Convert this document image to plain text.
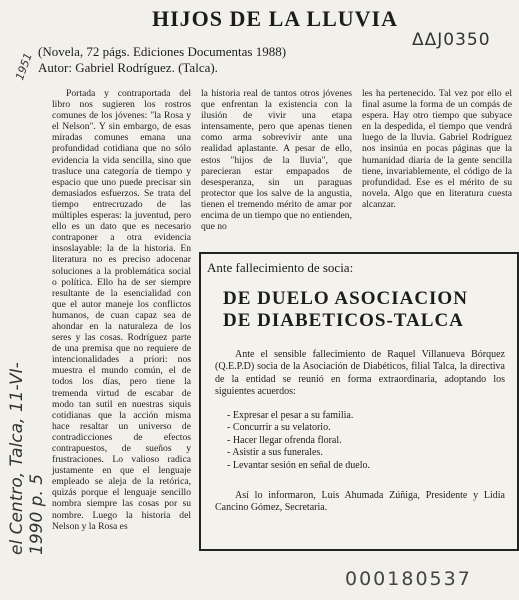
1951
el Centro, Talca, 11-VI-1990 p. 5
ΔΔJ0350
HIJOS DE LA LLUVIA
(Novela, 72 págs. Ediciones Documentas 1988)
Autor: Gabriel Rodríguez. (Talca).

Portada y contraportada del libro nos sugieren los rostros comunes de los jóvenes: "la Rosa y el Nelson". Y sin embargo, de esas miradas comunes emana una profundidad cotidiana que no sólo evidencia la vida sencilla, sino que trasluce una categoría de tiempo y espacio que uno puede precisar sin demasiados esfuerzos. Se trata del tiempo entrecruzado de las múltiples esperas: la juventud, pero ello es un dato que es necesario contraponer a otra evidencia insoslayable: la de la historia. En literatura no es preciso adocenar soluciones a la problemática social o política. Ello ha de ser siempre resultante de la esencialidad con que el autor maneje los conflictos humanos, de cuan capaz sea de ahondar en la naturaleza de los seres y las cosas. Rodríguez parte de una premisa que no requiere de intencionalidades a priori: nos muestra el mundo común, el de todos los días, pero tiene la tremenda virtud de escabar de modo tan sutil en nuestras siquis cotidianas que la acción misma hace resaltar un universo de contradicciones de efectos contrapuestos, de sueños y frustraciones. Lo valioso radica justamente en que el lenguaje empleado se aleja de la retórica, quizás porque el lenguaje sencillo nombra siempre las cosas por su nombre. Luego la historia del Nelson y la Rosa es

la historia real de tantos otros jóvenes que enfrentan la existencia con la ilusión de vivir una etapa intensamente, pero que apenas tienen como arma sobrevivir ante una realidad aplastante. A pesar de ello, estos "hijos de la lluvia", que parecieran estar empapados de desesperanza, sin un paraguas protector que los salve de la angustia, tienen el tremendo mérito de amar por encima de un tiempo que no entienden, que no

les ha pertenecido. Tal vez por ello el final asume la forma de un compás de espera. Hay otro tiempo que subyace en la despedida, el tiempo que vendrá luego de la lluvia. Gabriel Rodríguez nos insinúa en pocas páginas que la humanidad diaria de la gente sencilla tiene, invariablemente, el código de la profundidad. Ese es el mérito de su novela. Algo que en literatura cuesta alcanzar.

Ante fallecimiento de socia:
DE DUELO ASOCIACION
DE DIABETICOS-TALCA

Ante el sensible fallecimiento de Raquel Villanueva Bórquez (Q.E.P.D) socia de la Asociación de Diabéticos, filial Talca, la directiva de la entidad se reunió en forma extraordinaria, adoptando los siguientes acuerdos:

- Expresar el pesar a su familia.
- Concurrir a su velatorio.
- Hacer llegar ofrenda floral.
- Asistir a sus funerales.
- Levantar sesión en señal de duelo.

Así lo informaron, Luis Ahumada Zúñiga, Presidente y Lidia Cancino Gómez, Secretaria.

000180537
